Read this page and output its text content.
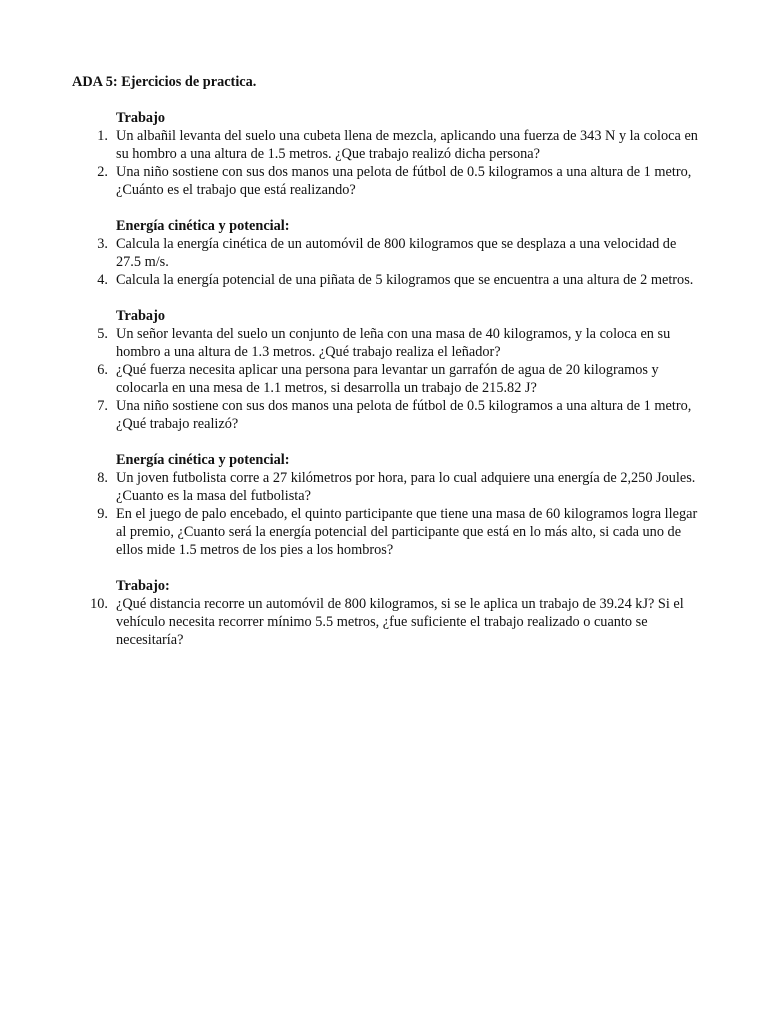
ADA 5: Ejercicios de practica.

Trabajo

1. Un albañil levanta del suelo una cubeta llena de mezcla, aplicando una fuerza de 343 N y la coloca en su hombro a una altura de 1.5 metros. ¿Que trabajo realizó dicha persona?

2. Una niño sostiene con sus dos manos una pelota de fútbol de 0.5 kilogramos a una altura de 1 metro, ¿Cuánto es el trabajo que está realizando?

Energía cinética y potencial:

3. Calcula la energía cinética de un automóvil de 800 kilogramos que se desplaza a una velocidad de 27.5 m/s.

4. Calcula la energía potencial de una piñata de 5 kilogramos que se encuentra a una altura de 2 metros.

Trabajo

5. Un señor levanta del suelo un conjunto de leña con una masa de 40 kilogramos, y la coloca en su hombro a una altura de 1.3 metros. ¿Qué trabajo realiza el leñador?

6. ¿Qué fuerza necesita aplicar una persona para levantar un garrafón de agua de 20 kilogramos y colocarla en una mesa de 1.1 metros, si desarrolla un trabajo de 215.82 J?

7. Una niño sostiene con sus dos manos una pelota de fútbol de 0.5 kilogramos a una altura de 1 metro, ¿Qué trabajo realizó?

Energía cinética y potencial:

8. Un joven futbolista corre a 27 kilómetros por hora, para lo cual adquiere una energía de 2,250 Joules. ¿Cuanto es la masa del futbolista?

9. En el juego de palo encebado, el quinto participante que tiene una masa de 60 kilogramos logra llegar al premio, ¿Cuanto será la energía potencial del participante que está en lo más alto, si cada uno de ellos mide 1.5 metros de los pies a los hombros?

Trabajo:

10. ¿Qué distancia recorre un automóvil de 800 kilogramos, si se le aplica un trabajo de 39.24 kJ? Si el vehículo necesita recorrer mínimo 5.5 metros, ¿fue suficiente el trabajo realizado o cuanto se necesitaría?
